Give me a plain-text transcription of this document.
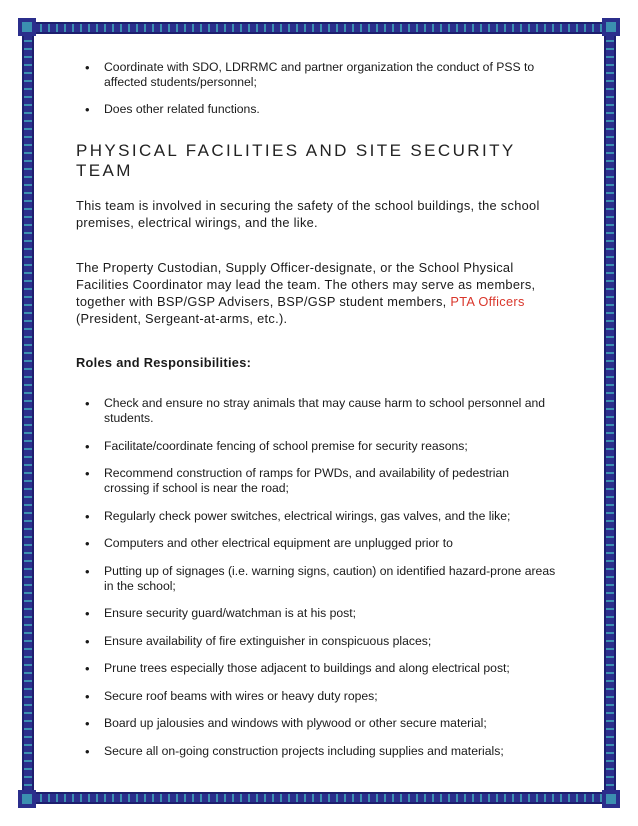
• Coordinate with SDO, LDRRMC and partner organization the conduct of PSS to affected students/personnel;
• Does other related functions.
PHYSICAL FACILITIES AND SITE SECURITY TEAM

This team is involved in securing the safety of the school buildings, the school premises, electrical wirings, and the like.

The Property Custodian, Supply Officer-designate, or the School Physical Facilities Coordinator may lead the team. The others may serve as members, together with BSP/GSP Advisers, BSP/GSP student members, PTA Officers (President, Sergeant-at-arms, etc.).

Roles and Responsibilities:
• Check and ensure no stray animals that may cause harm to school personnel and students.
• Facilitate/coordinate fencing of school premise for security reasons;
• Recommend construction of ramps for PWDs, and availability of pedestrian crossing if school is near the road;
• Regularly check power switches, electrical wirings, gas valves, and the like;
• Computers and other electrical equipment are unplugged prior to
• Putting up of signages (i.e. warning signs, caution) on identified hazard-prone areas in the school;
• Ensure security guard/watchman is at his post;
• Ensure availability of fire extinguisher in conspicuous places;
• Prune trees especially those adjacent to buildings and along electrical post;
• Secure roof beams with wires or heavy duty ropes;
• Board up jalousies and windows with plywood or other secure material;
• Secure all on-going construction projects including supplies and materials;
